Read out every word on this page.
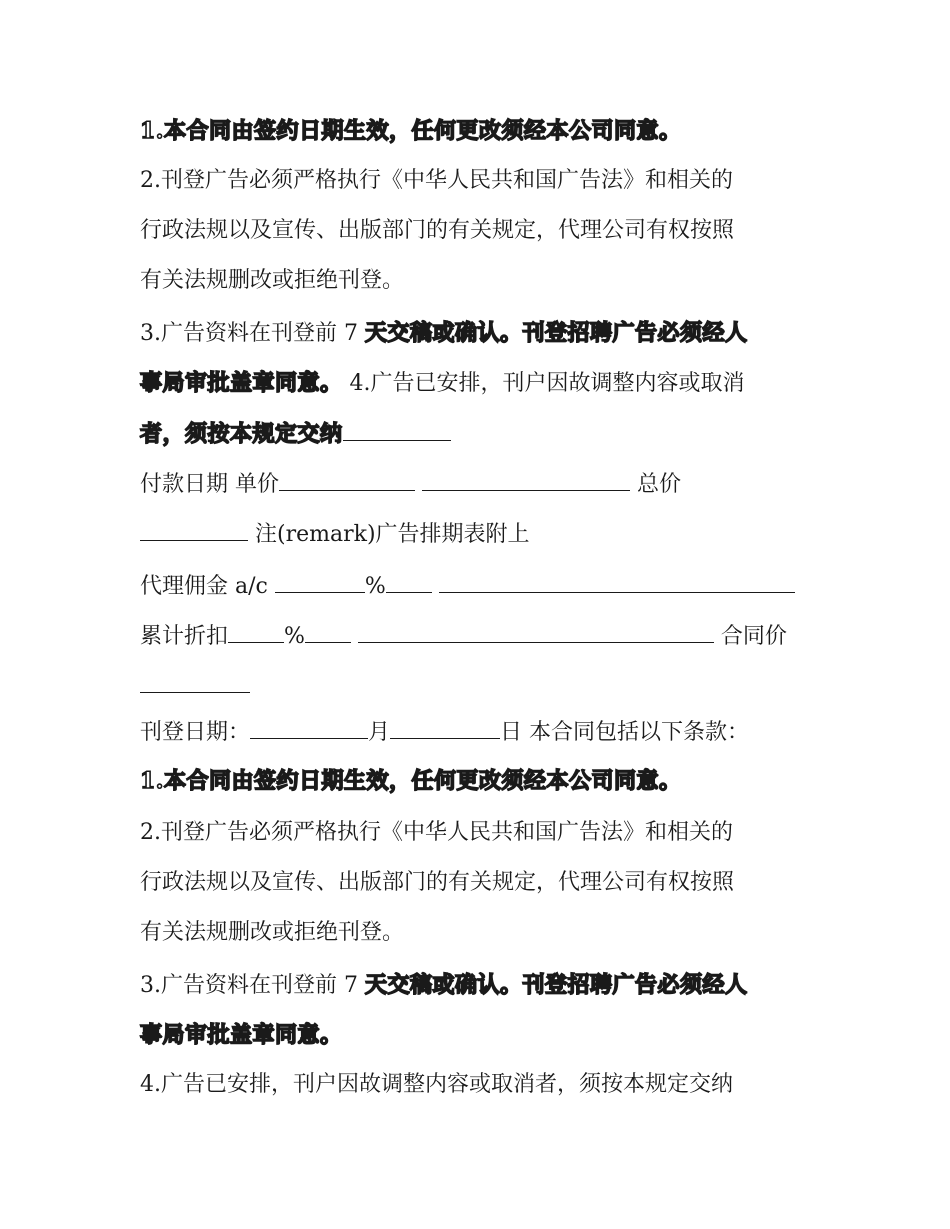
1.本合同由签约日期生效，任何更改须经本公司同意。
2.刊登广告必须严格执行《中华人民共和国广告法》和相关的
行政法规以及宣传、出版部门的有关规定，代理公司有权按照
有关法规删改或拒绝刊登。
3.广告资料在刊登前 7 天交稿或确认。刊登招聘广告必须经人
事局审批盖章同意。 4.广告已安排，刊户因故调整内容或取消
者，须按本规定交纳
付款日期 单价	总价
注(remark)广告排期表附上
代理佣金 a/c	%
累计折扣	%	合同价
刊登日期：	月	日 本合同包括以下条款：
1.本合同由签约日期生效，任何更改须经本公司同意。
2.刊登广告必须严格执行《中华人民共和国广告法》和相关的
行政法规以及宣传、出版部门的有关规定，代理公司有权按照
有关法规删改或拒绝刊登。
3.广告资料在刊登前 7 天交稿或确认。刊登招聘广告必须经人
事局审批盖章同意。
4.广告已安排，刊户因故调整内容或取消者，须按本规定交纳
